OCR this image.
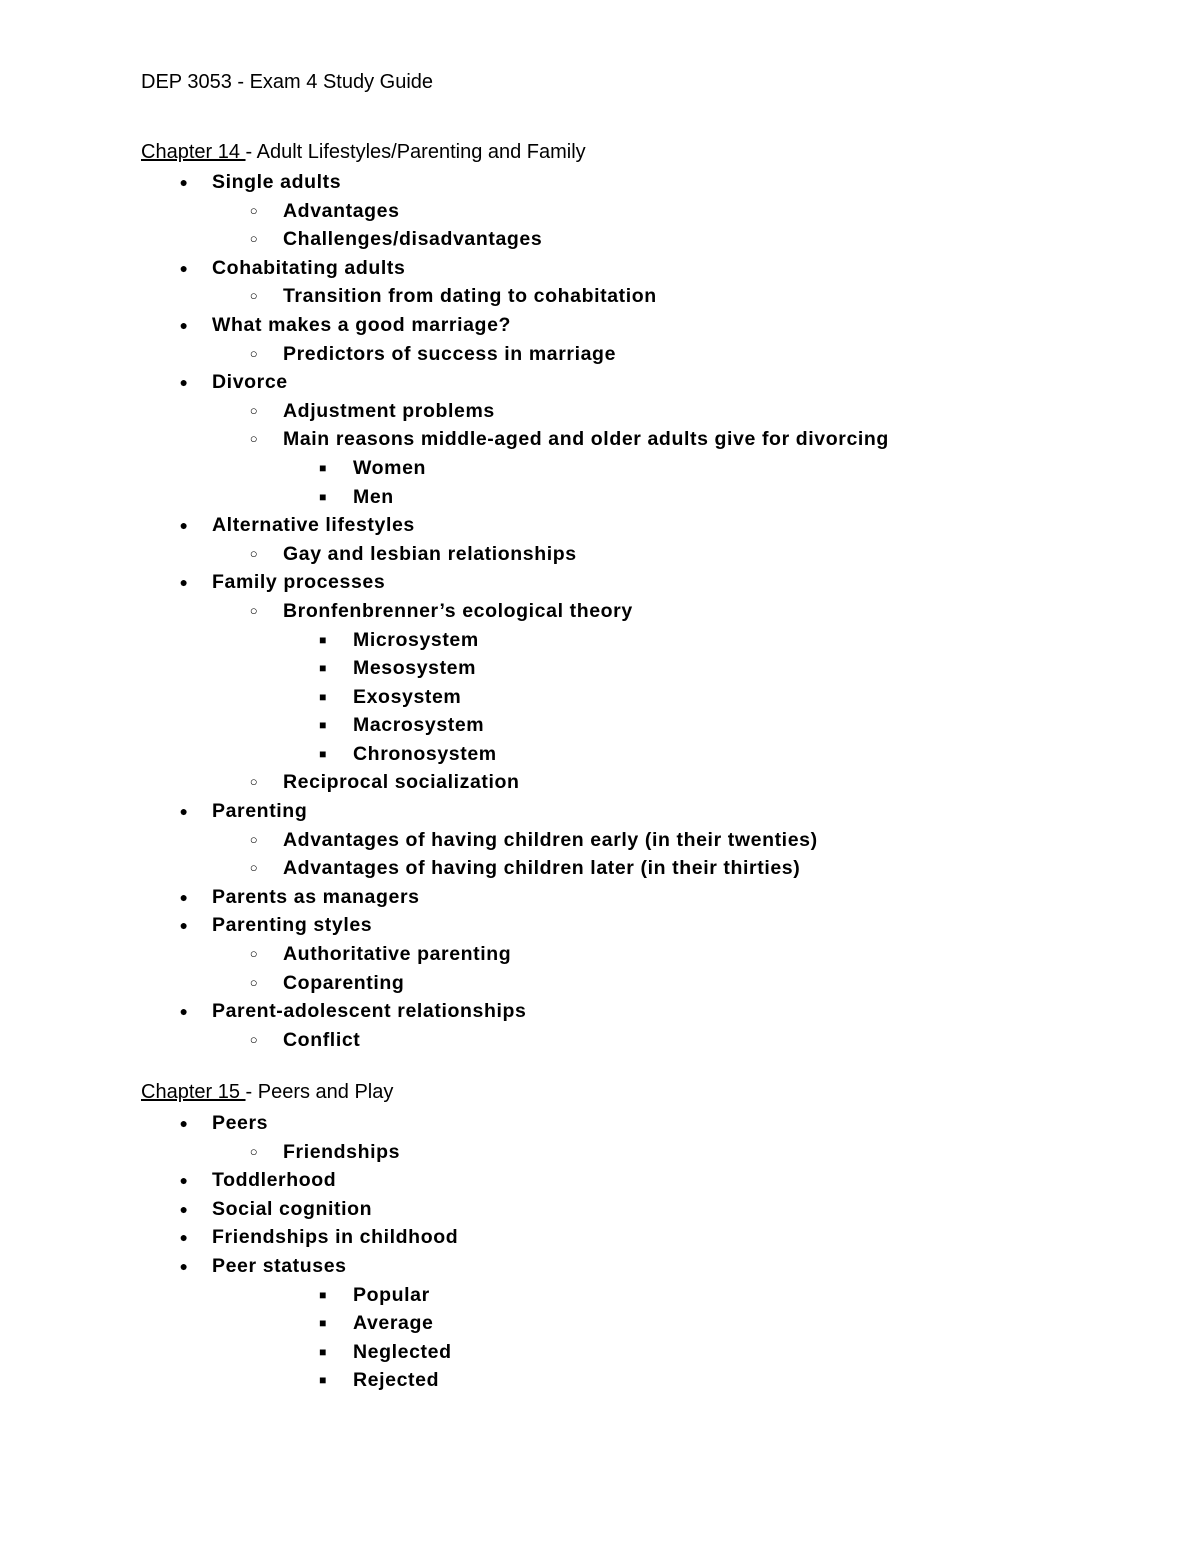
DEP 3053 - Exam 4 Study Guide
Chapter 14 - Adult Lifestyles/Parenting and Family
● Single adults
○ Advantages
○ Challenges/disadvantages
● Cohabitating adults
○ Transition from dating to cohabitation
● What makes a good marriage?
○ Predictors of success in marriage
● Divorce
○ Adjustment problems
○ Main reasons middle-aged and older adults give for divorcing
■	Women
■	Men
● Alternative lifestyles
○ Gay and lesbian relationships
● Family processes
○ Bronfenbrenner’s ecological theory
■	Microsystem
■	Mesosystem
■	Exosystem
■	Macrosystem
■	Chronosystem
○ Reciprocal socialization
● Parenting
○ Advantages of having children early (in their twenties)
○ Advantages of having children later (in their thirties)
● Parents as managers
● Parenting styles
○ Authoritative parenting
○ Coparenting
● Parent-adolescent relationships
○ Conflict
Chapter 15 - Peers and Play
● Peers
○ Friendships
● Toddlerhood
● Social cognition
● Friendships in childhood
● Peer statuses
■	Popular
■	Average
■	Neglected
■	Rejected
